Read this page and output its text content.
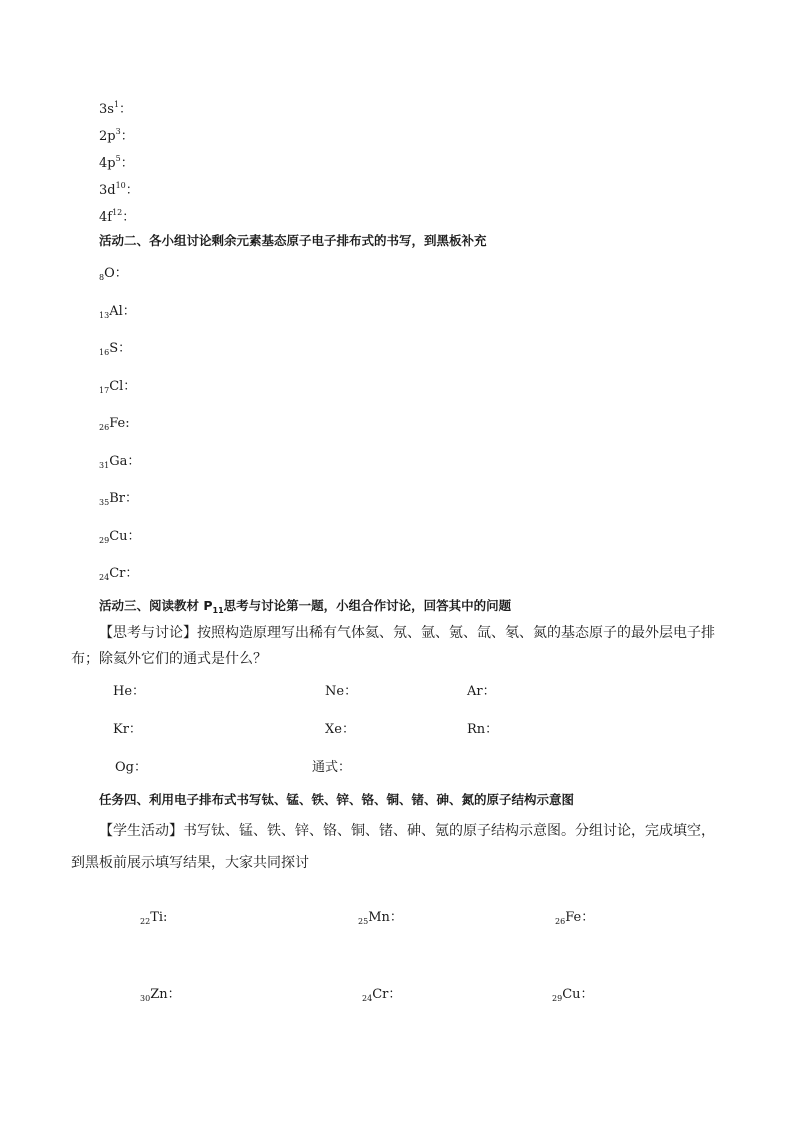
$3s^1$：
$2p^3$：
$4p^5$：
$3d^{10}$：
$4f^{12}$：
活动二、各小组讨论剩余元素基态原子电子排布式的书写，到黑板补充
$_8$O：
$_{13}$Al：
$_{16}$S：
$_{17}$Cl：
$_{26}$Fe:
$_{31}$Ga：
$_{35}$Br：
$_{29}$Cu：
$_{24}$Cr：
活动三、阅读教材 $P_{11}$思考与讨论第一题，小组合作讨论，回答其中的问题
【思考与讨论】按照构造原理写出稀有气体氦、氖、氩、氪、氙、氡、氮的基态原子的最外层电子排
布；除氦外它们的通式是什么？
He：	Ne：	Ar：
Kr：	Xe：	Rn：
Og：	通式：
任务四、利用电子排布式书写钛、锰、铁、锌、铬、铜、锗、砷、氮的原子结构示意图
【学生活动】书写钛、锰、铁、锌、铬、铜、锗、砷、氪的原子结构示意图。分组讨论，完成填空，
到黑板前展示填写结果，大家共同探讨
$_{22}$Ti:	$_{25}$Mn：	$_{26}$Fe：
$_{30}$Zn：	$_{24}$Cr：	$_{29}$Cu：
